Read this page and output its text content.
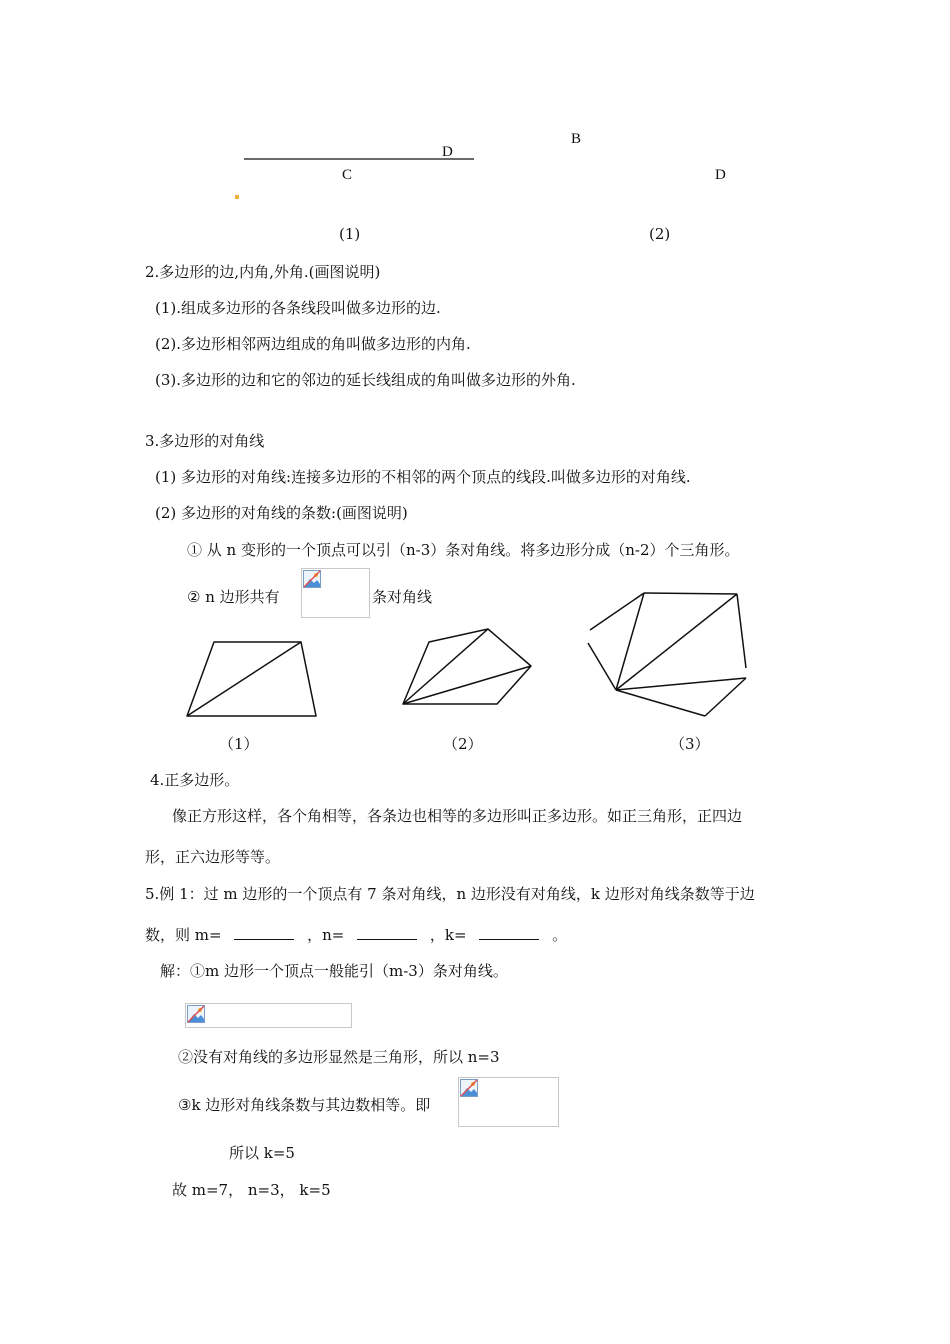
B
D
C	D
(1)	(2)
2.多边形的边,内角,外角.(画图说明)
(1).组成多边形的各条线段叫做多边形的边.
(2).多边形相邻两边组成的角叫做多边形的内角.
(3).多边形的边和它的邻边的延长线组成的角叫做多边形的外角.
3.多边形的对角线
(1) 多边形的对角线:连接多边形的不相邻的两个顶点的线段.叫做多边形的对角线.
(2) 多边形的对角线的条数:(画图说明)
① 从 n 变形的一个顶点可以引（n-3）条对角线。将多边形分成（n-2）个三角形。
② n 边形共有	条对角线
（1）	（2）	（3）
4.正多边形。
像正方形这样，各个角相等，各条边也相等的多边形叫正多边形。如正三角形，正四边
形，正六边形等等。
5.例 1：过 m 边形的一个顶点有 7 条对角线，n 边形没有对角线，k 边形对角线条数等于边
数，则 m=	，n=	，k=	。
解：①m 边形一个顶点一般能引（m-3）条对角线。
②没有对角线的多边形显然是三角形，所以 n=3
③k 边形对角线条数与其边数相等。即
所以 k=5
故 m=7， n=3， k=5
